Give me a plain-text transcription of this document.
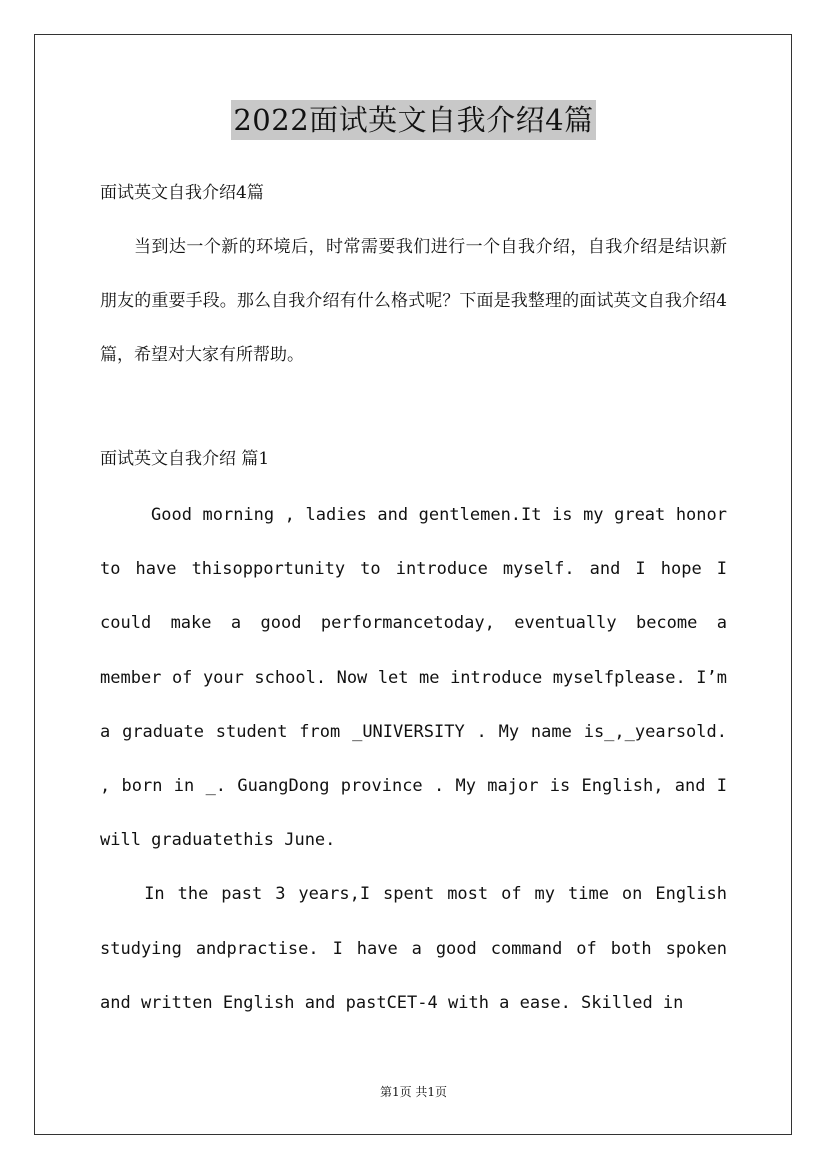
2022面试英文自我介绍4篇

面试英文自我介绍4篇

当到达一个新的环境后，时常需要我们进行一个自我介绍，自我介绍是结识新朋友的重要手段。那么自我介绍有什么格式呢？下面是我整理的面试英文自我介绍4篇，希望对大家有所帮助。

面试英文自我介绍 篇1

Good morning , ladies and gentlemen.It is my great honor to have thisopportunity to introduce myself. and I hope I could make a good performancetoday, eventually become a member of your school. Now let me introduce myselfplease. I’m a graduate student from _UNIVERSITY . My name is_,_yearsold. , born in _. GuangDong province . My major is English, and I will graduatethis June.

In the past 3 years,I spent most of my time on English studying andpractise. I have a good command of both spoken and written English and pastCET-4 with a ease. Skilled in

第1页 共1页
